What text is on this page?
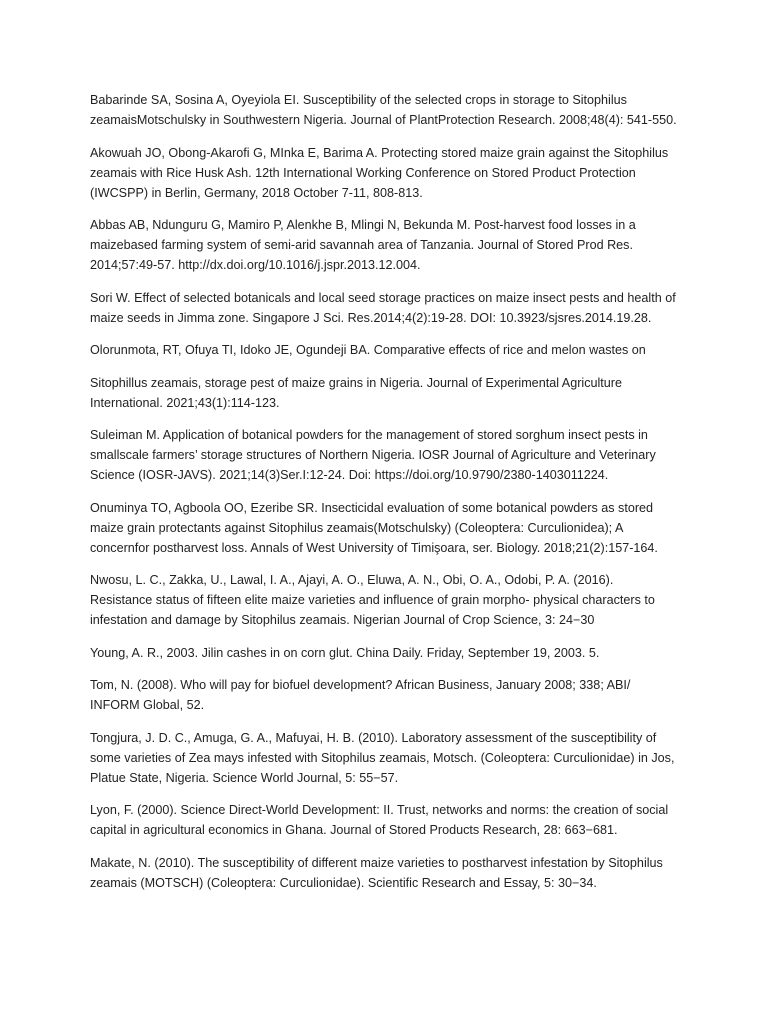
Babarinde SA, Sosina A, Oyeyiola EI. Susceptibility of the selected crops in storage to Sitophilus zeamaisMotschulsky in Southwestern Nigeria. Journal of PlantProtection Research. 2008;48(4): 541-550.

Akowuah JO, Obong-Akarofi G, MInka E, Barima A. Protecting stored maize grain against the Sitophilus zeamais with Rice Husk Ash. 12th International Working Conference on Stored Product Protection (IWCSPP) in Berlin, Germany, 2018 October 7-11, 808-813.

Abbas AB, Ndunguru G, Mamiro P, Alenkhe B, Mlingi N, Bekunda M. Post-harvest food losses in a maizebased farming system of semi-arid savannah area of Tanzania. Journal of Stored Prod Res. 2014;57:49-57. http://dx.doi.org/10.1016/j.jspr.2013.12.004.

Sori W. Effect of selected botanicals and local seed storage practices on maize insect pests and health of maize seeds in Jimma zone. Singapore J Sci. Res.2014;4(2):19-28. DOI: 10.3923/sjsres.2014.19.28.

Olorunmota, RT, Ofuya TI, Idoko JE, Ogundeji BA. Comparative effects of rice and melon wastes on

Sitophillus zeamais, storage pest of maize grains in Nigeria. Journal of Experimental Agriculture International. 2021;43(1):114-123.

Suleiman M. Application of botanical powders for the management of stored sorghum insect pests in smallscale farmers’ storage structures of Northern Nigeria. IOSR Journal of Agriculture and Veterinary Science (IOSR-JAVS). 2021;14(3)Ser.I:12-24. Doi: https://doi.org/10.9790/2380-1403011224.

Onuminya TO, Agboola OO, Ezeribe SR. Insecticidal evaluation of some botanical powders as stored maize grain protectants against Sitophilus zeamais(Motschulsky) (Coleoptera: Curculionidea); A concernfor postharvest loss. Annals of West University of Timişoara, ser. Biology. 2018;21(2):157-164.

Nwosu, L. C., Zakka, U., Lawal, I. A., Ajayi, A. O., Eluwa, A. N., Obi, O. A., Odobi, P. A. (2016). Resistance status of fifteen elite maize varieties and influence of grain morpho- physical characters to infestation and damage by Sitophilus zeamais. Nigerian Journal of Crop Science, 3: 24−30

Young, A. R., 2003. Jilin cashes in on corn glut. China Daily. Friday, September 19, 2003. 5.

Tom, N. (2008). Who will pay for biofuel development? African Business, January 2008; 338; ABI/ INFORM Global, 52.

Tongjura, J. D. C., Amuga, G. A., Mafuyai, H. B. (2010). Laboratory assessment of the susceptibility of some varieties of Zea mays infested with Sitophilus zeamais, Motsch. (Coleoptera: Curculionidae) in Jos, Platue State, Nigeria. Science World Journal, 5: 55−57.

Lyon, F. (2000). Science Direct-World Development: II. Trust, networks and norms: the creation of social capital in agricultural economics in Ghana. Journal of Stored Products Research, 28: 663−681.

Makate, N. (2010). The susceptibility of different maize varieties to postharvest infestation by Sitophilus zeamais (MOTSCH) (Coleoptera: Curculionidae). Scientific Research and Essay, 5: 30−34.
